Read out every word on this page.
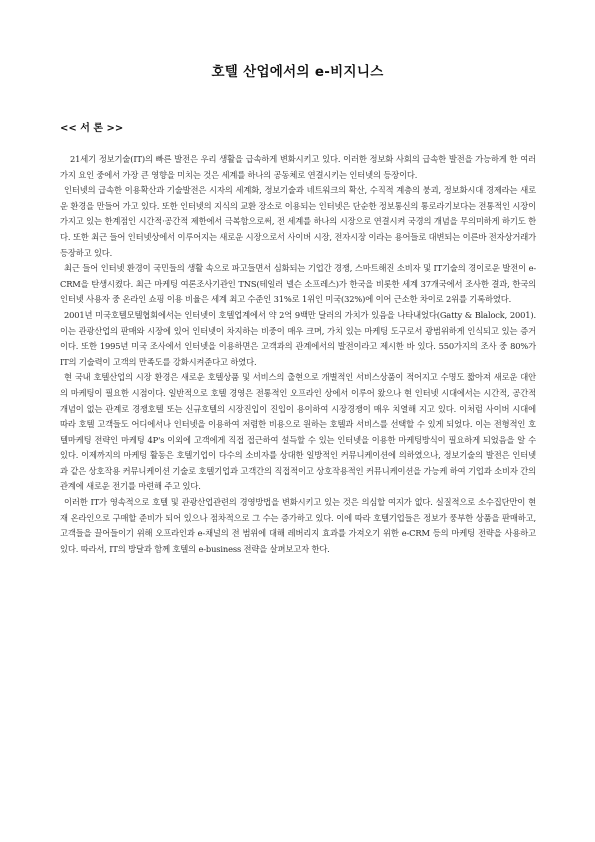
호텔 산업에서의 e-비지니스
<< 서 론 >>

21세기 정보기술(IT)의 빠른 발전은 우리 생활을 급속하게 변화시키고 있다. 이러한 정보화 사회의 급속한 발전을 가능하게 한 여러 가지 요인 중에서 가장 큰 영향을 미치는 것은 세계를 하나의 공동체로 연결시키는 인터넷의 등장이다.

인터넷의 급속한 이용확산과 기술발전은 시자의 세계화, 정보기술과 네트워크의 확산, 수직적 계층의 붕괴, 정보화시대 경제라는 새로운 환경을 만들어 가고 있다. 또한 인터넷의 지식의 교환 장소로 이용되는 인터넷은 단순한 정보통신의 통로라기보다는 전통적인 시장이 가지고 있는 한계점인 시간적·공간적 제한에서 극복함으로써, 전 세계를 하나의 시장으로 연결시켜 국경의 개념을 무의미하게 하기도 한다. 또한 최근 들어 인터넷상에서 이루어지는 새로운 시장으로서 사이버 시장, 전자시장 이라는 용어들로 대변되는 이른바 전자상거래가 등장하고 있다.

최근 들어 인터넷 환경이 국민들의 생활 속으로 파고들면서 심화되는 기업간 경쟁, 스마트해진 소비자 및 IT기술의 경이로운 발전이 e-CRM을 탄생시켰다. 최근 마케팅 여론조사기관인 TNS(테일러 넬슨 소프레스)가 한국을 비롯한 세계 37개국에서 조사한 결과, 한국의 인터넷 사용자 중 온라인 쇼핑 이용 비율은 세계 최고 수준인 31%로 1위인 미국(32%)에 이어 근소한 차이로 2위를 기록하였다.

2001년 미국호텔모텔협회에서는 인터넷이 호텔업계에서 약 2억 9백만 달러의 가치가 있음을 나타내었다(Gatty & Blalock, 2001). 이는 관광산업의 판매와 시장에 있어 인터넷이 차지하는 비중이 매우 크며, 가치 있는 마케팅 도구로서 광범위하게 인식되고 있는 증거이다. 또한 1995년 미국 조사에서 인터넷을 이용하면은 고객과의 관계에서의 발전이라고 제시한 바 있다. 550가지의 조사 중 80%가 IT의 기술력이 고객의 만족도를 강화시켜준다고 하였다.

현 국내 호텔산업의 시장 환경은 새로운 호텔상품 및 서비스의 출현으로 개별적인 서비스상품이 적어지고 수명도 짧아져 새로운 대안의 마케팅이 필요한 시점이다. 일반적으로 호텔 경영은 전통적인 오프라인 상에서 이루어 왔으나 현 인터넷 시대에서는 시간적, 공간적 개념이 없는 관계로 경쟁호텔 또는 신규호텔의 시장진입이 진입이 용이하여 시장경쟁이 매우 치열해 지고 있다. 이처럼 사이버 시대에 따라 호텔 고객들도 어디에서나 인터넷을 이용하여 저렴한 비용으로 원하는 호텔과 서비스를 선택할 수 있게 되었다. 이는 전형적인 호텔마케팅 전략인 마케팅 4P's 이외에 고객에게 직접 접근하여 설득할 수 있는 인터넷을 이용한 마케팅방식이 필요하게 되었음을 알 수 있다. 이제까지의 마케팅 활동은 호텔기업이 다수의 소비자를 상대한 일방적인 커뮤니케이션에 의하였으나, 정보기술의 발전은 인터넷과 같은 상호작용 커뮤니케이션 기술로 호텔기업과 고객간의 직접적이고 상호작용적인 커뮤니케이션을 가능케 하여 기업과 소비자 간의 관계에 새로운 전기를 마련해 주고 있다.

이러한 IT가 영속적으로 호텔 및 관광산업관련의 경영방법을 변화시키고 있는 것은 의심할 여지가 없다. 실질적으로 소수집단만이 현재 온라인으로 구매할 준비가 되어 있으나 점차적으로 그 수는 증가하고 있다. 이에 따라 호텔기업들은 정보가 풍부한 상품을 판매하고, 고객들을 끌어들이기 위해 오프라인과 e-채널의 전 범위에 대해 레버리지 효과를 가져오기 위한 e-CRM 등의 마케팅 전략을 사용하고 있다. 따라서, IT의 방달과 함께 호텔의 e-business 전략을 살펴보고자 한다.
